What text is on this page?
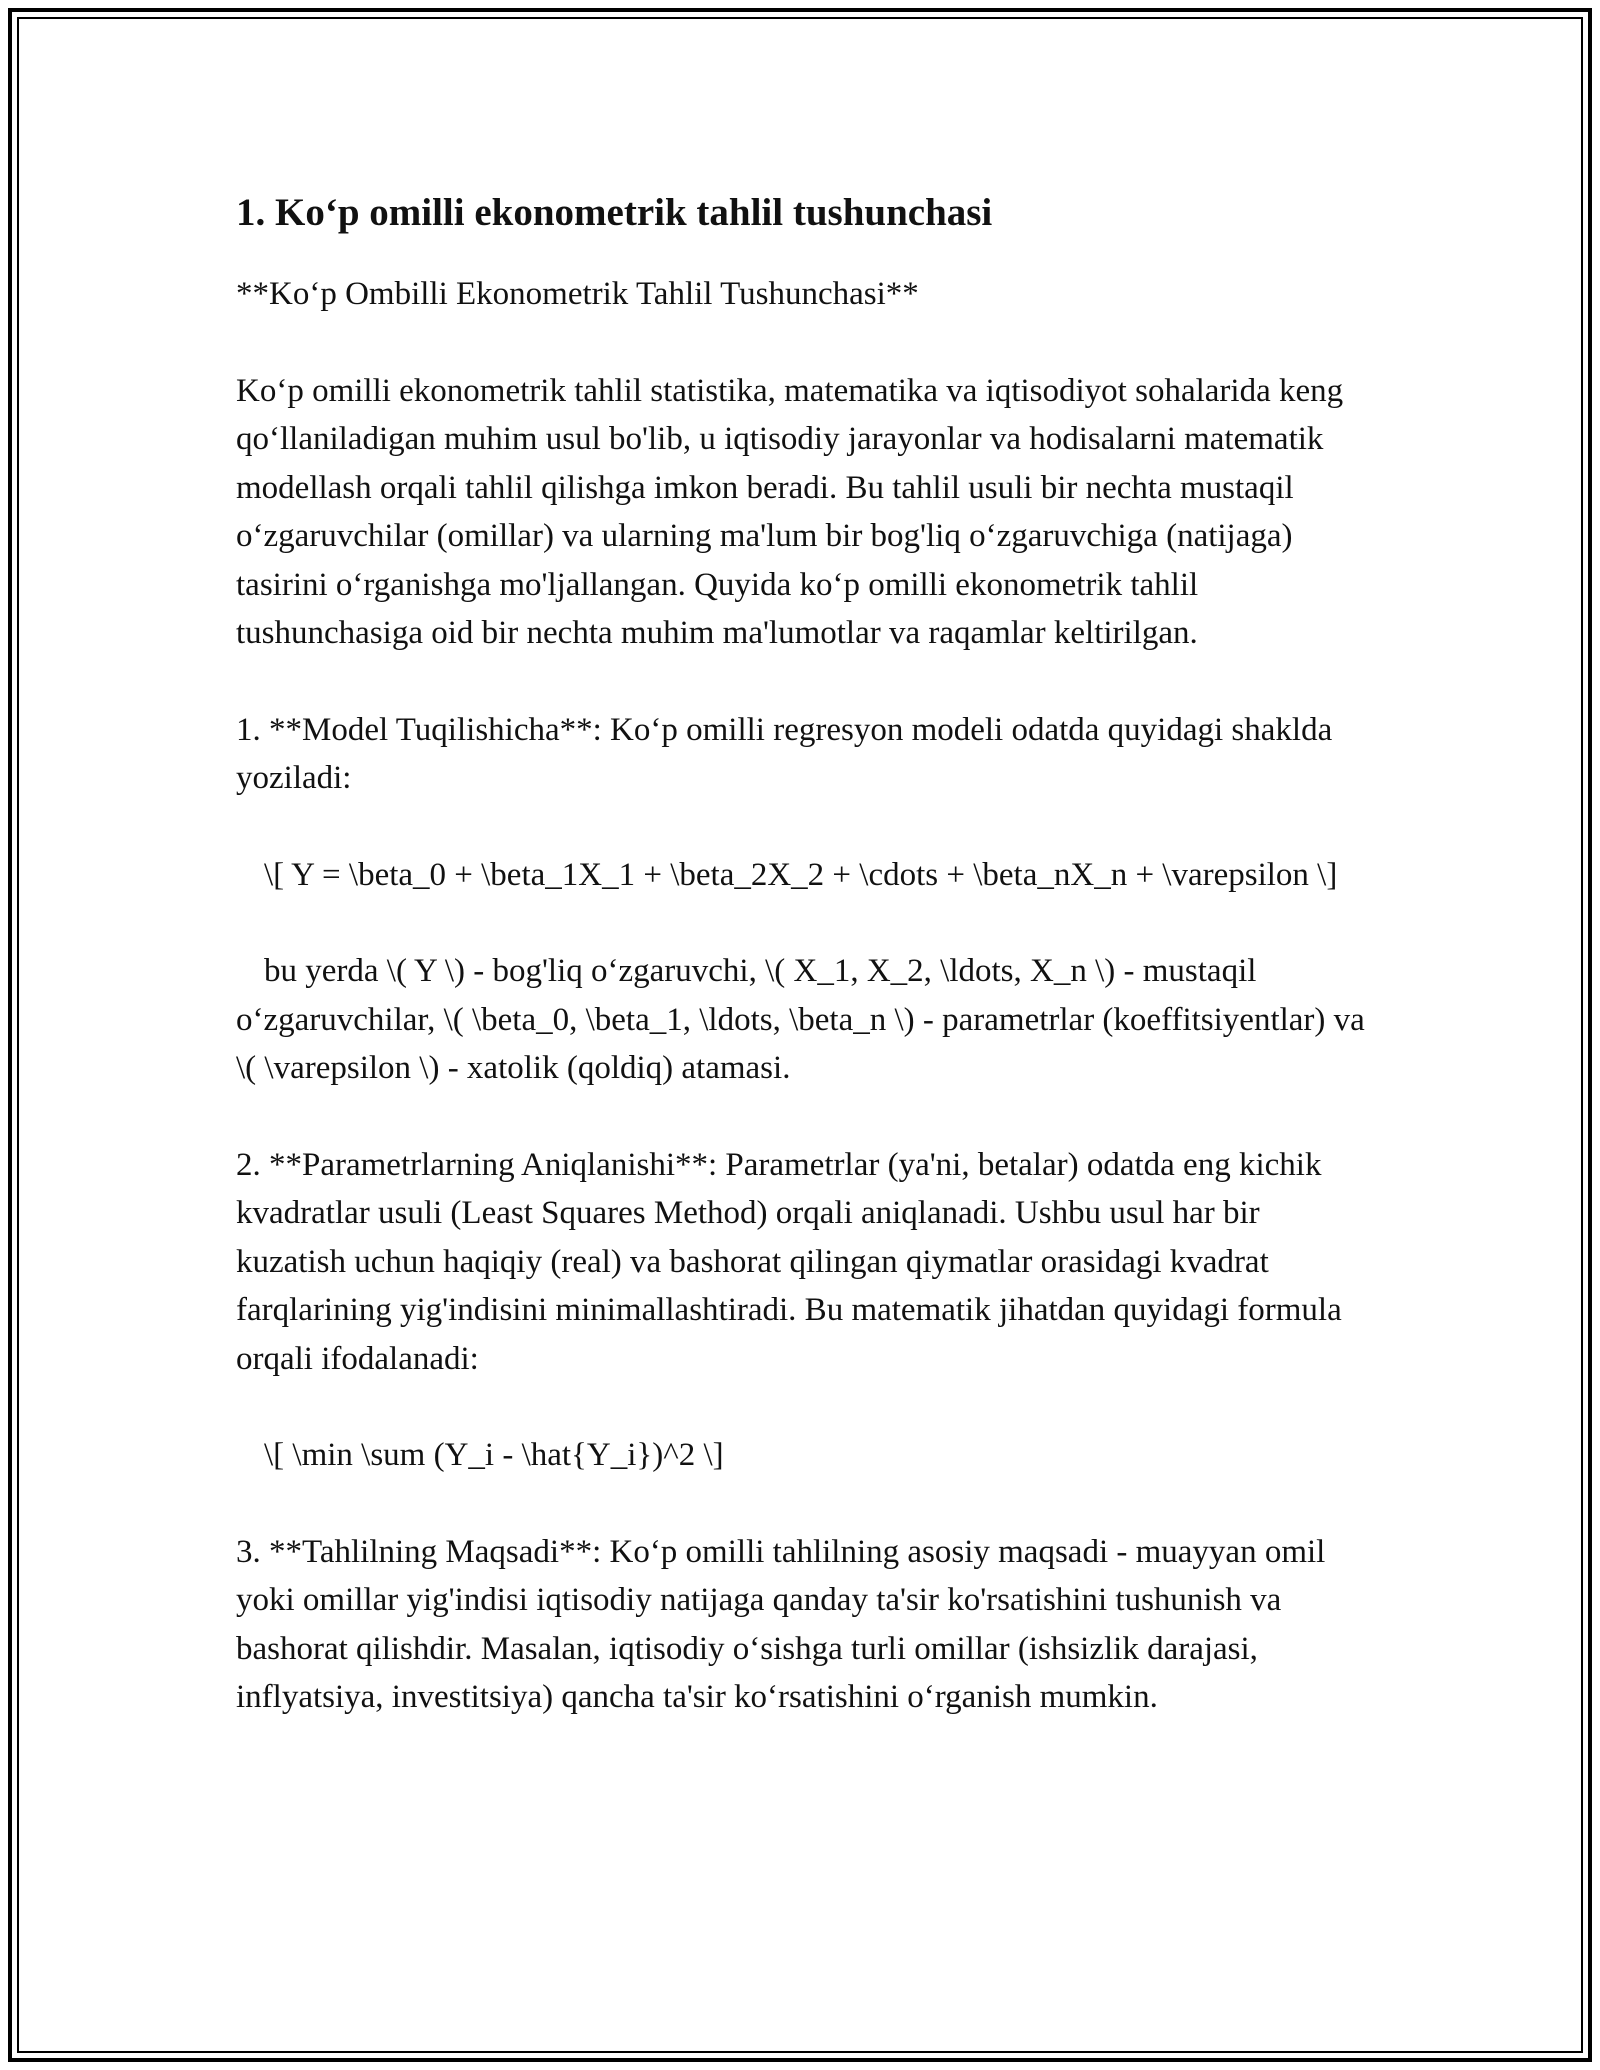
1. Koʻp omilli ekonometrik tahlil tushunchasi

**Koʻp Ombilli Ekonometrik Tahlil Tushunchasi**

Koʻp omilli ekonometrik tahlil statistika, matematika va iqtisodiyot sohalarida keng qoʻllaniladigan muhim usul bo'lib, u iqtisodiy jarayonlar va hodisalarni matematik modellash orqali tahlil qilishga imkon beradi. Bu tahlil usuli bir nechta mustaqil oʻzgaruvchilar (omillar) va ularning ma'lum bir bog'liq oʻzgaruvchiga (natijaga) tasirini oʻrganishga mo'ljallangan. Quyida koʻp omilli ekonometrik tahlil tushunchasiga oid bir nechta muhim ma'lumotlar va raqamlar keltirilgan.

1. **Model Tuqilishicha**: Koʻp omilli regresyon modeli odatda quyidagi shaklda yoziladi:

\[ Y = \beta_0 + \beta_1X_1 + \beta_2X_2 + \cdots + \beta_nX_n + \varepsilon \]

bu yerda \( Y \) - bog'liq oʻzgaruvchi, \( X_1, X_2, \ldots, X_n \) - mustaqil oʻzgaruvchilar, \( \beta_0, \beta_1, \ldots, \beta_n \) - parametrlar (koeffitsiyentlar) va \( \varepsilon \) - xatolik (qoldiq) atamasi.

2. **Parametrlarning Aniqlanishi**: Parametrlar (ya'ni, betalar) odatda eng kichik kvadratlar usuli (Least Squares Method) orqali aniqlanadi. Ushbu usul har bir kuzatish uchun haqiqiy (real) va bashorat qilingan qiymatlar orasidagi kvadrat farqlarining yig'indisini minimallashtiradi. Bu matematik jihatdan quyidagi formula orqali ifodalanadi:

\[ \min \sum (Y_i - \hat{Y_i})^2 \]

3. **Tahlilning Maqsadi**: Koʻp omilli tahlilning asosiy maqsadi - muayyan omil yoki omillar yig'indisi iqtisodiy natijaga qanday ta'sir ko'rsatishini tushunish va bashorat qilishdir. Masalan, iqtisodiy oʻsishga turli omillar (ishsizlik darajasi, inflyatsiya, investitsiya) qancha ta'sir koʻrsatishini oʻrganish mumkin.
